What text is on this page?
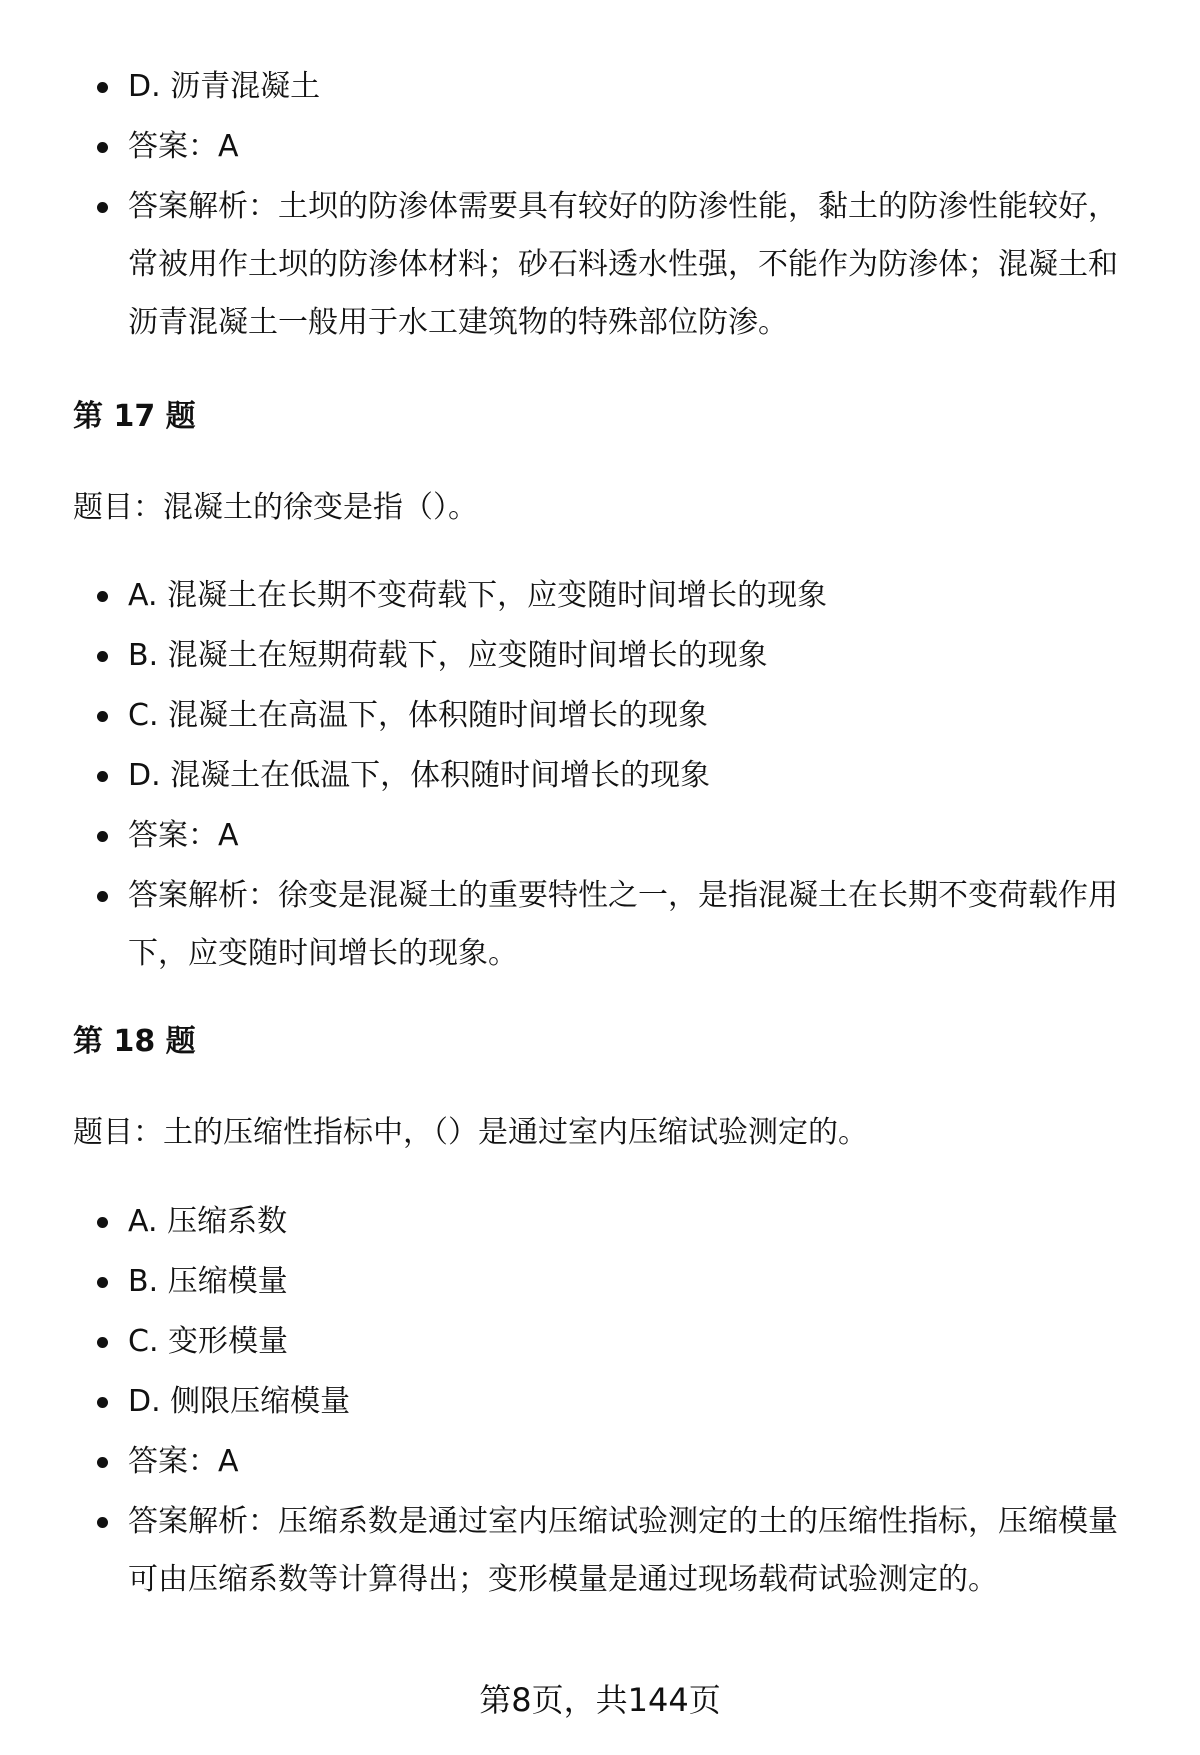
D. 沥青混凝土
答案：A
答案解析：土坝的防渗体需要具有较好的防渗性能，黏土的防渗性能较好，常被用作土坝的防渗体材料；砂石料透水性强，不能作为防渗体；混凝土和沥青混凝土一般用于水工建筑物的特殊部位防渗。
第 17 题
题目：混凝土的徐变是指（）。
A. 混凝土在长期不变荷载下，应变随时间增长的现象
B. 混凝土在短期荷载下，应变随时间增长的现象
C. 混凝土在高温下，体积随时间增长的现象
D. 混凝土在低温下，体积随时间增长的现象
答案：A
答案解析：徐变是混凝土的重要特性之一，是指混凝土在长期不变荷载作用下，应变随时间增长的现象。
第 18 题
题目：土的压缩性指标中，（）是通过室内压缩试验测定的。
A. 压缩系数
B. 压缩模量
C. 变形模量
D. 侧限压缩模量
答案：A
答案解析：压缩系数是通过室内压缩试验测定的土的压缩性指标，压缩模量可由压缩系数等计算得出；变形模量是通过现场载荷试验测定的。
第8页，共144页
